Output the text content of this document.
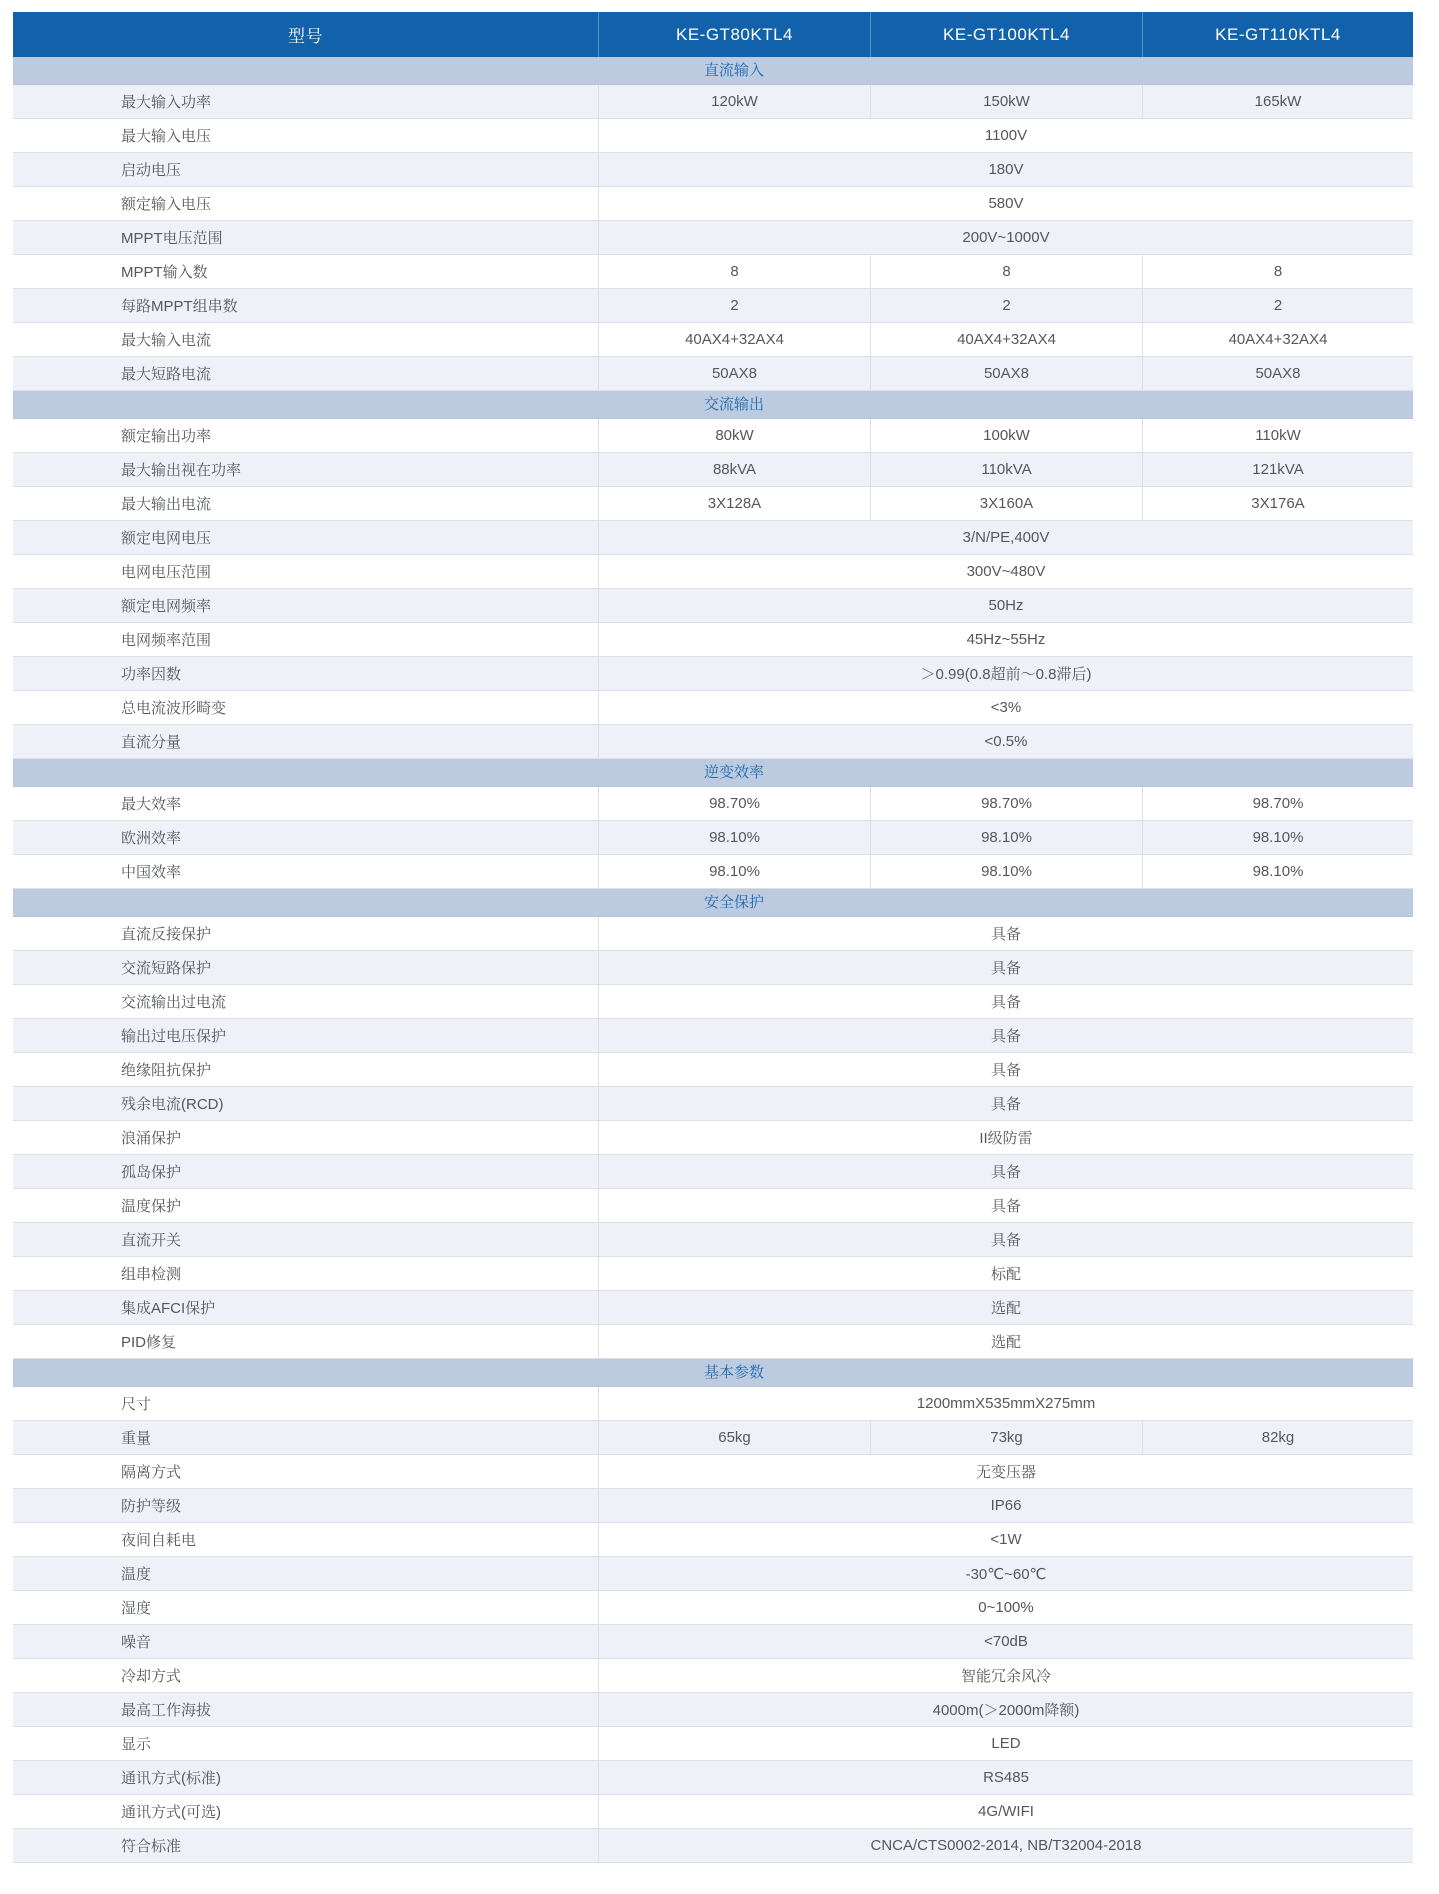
型号	KE-GT80KTL4	KE-GT100KTL4	KE-GT110KTL4
直流输入
最大输入功率	120kW	150kW	165kW
最大输入电压	1100V
启动电压	180V
额定输入电压	580V
MPPT电压范围	200V~1000V
MPPT输入数	8	8	8
每路MPPT组串数	2	2	2
最大输入电流	40AX4+32AX4	40AX4+32AX4	40AX4+32AX4
最大短路电流	50AX8	50AX8	50AX8
交流输出
额定输出功率	80kW	100kW	110kW
最大输出视在功率	88kVA	110kVA	121kVA
最大输出电流	3X128A	3X160A	3X176A
额定电网电压	3/N/PE,400V
电网电压范围	300V~480V
额定电网频率	50Hz
电网频率范围	45Hz~55Hz
功率因数	＞0.99(0.8超前～0.8滞后)
总电流波形畸变	<3%
直流分量	<0.5%
逆变效率
最大效率	98.70%	98.70%	98.70%
欧洲效率	98.10%	98.10%	98.10%
中国效率	98.10%	98.10%	98.10%
安全保护
直流反接保护	具备
交流短路保护	具备
交流输出过电流	具备
输出过电压保护	具备
绝缘阻抗保护	具备
残余电流(RCD)	具备
浪涌保护	II级防雷
孤岛保护	具备
温度保护	具备
直流开关	具备
组串检测	标配
集成AFCI保护	选配
PID修复	选配
基本参数
尺寸	1200mmX535mmX275mm
重量	65kg	73kg	82kg
隔离方式	无变压器
防护等级	IP66
夜间自耗电	<1W
温度	-30℃~60℃
湿度	0~100%
噪音	<70dB
冷却方式	智能冗余风冷
最高工作海拔	4000m(＞2000m降额)
显示	LED
通讯方式(标准)	RS485
通讯方式(可选)	4G/WIFI
符合标准	CNCA/CTS0002-2014, NB/T32004-2018
